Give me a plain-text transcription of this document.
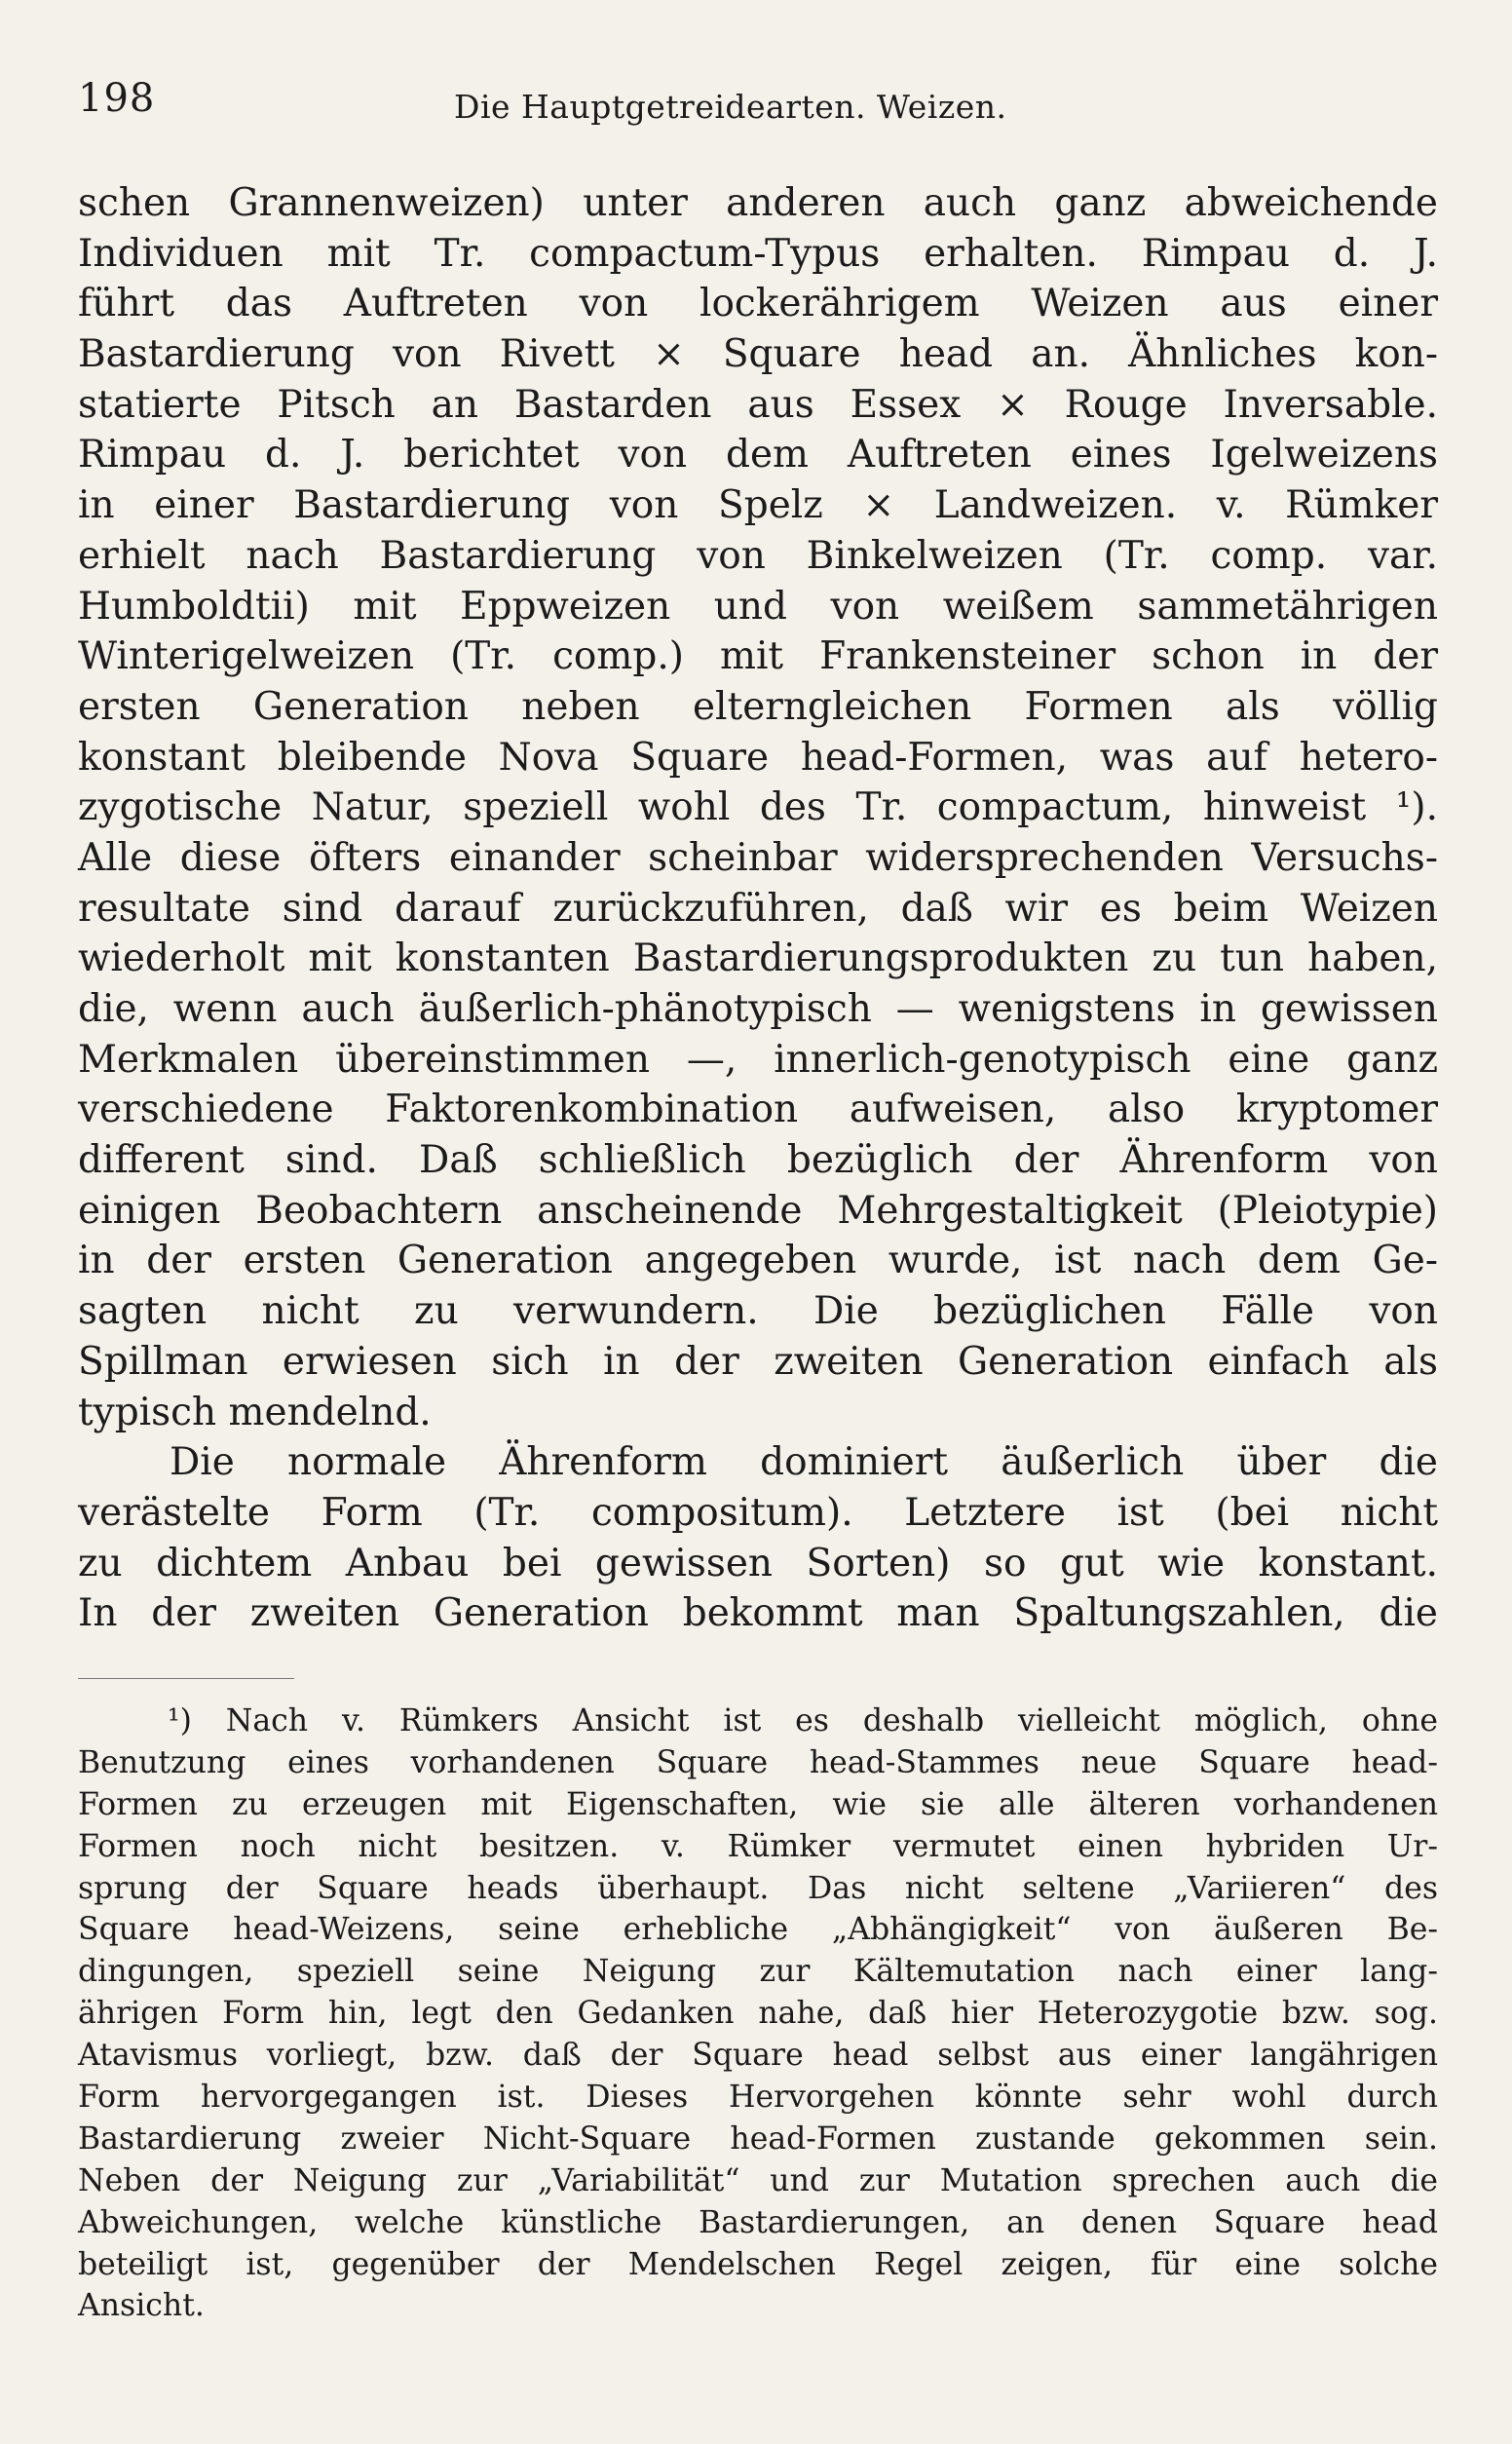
198	Die Hauptgetreidearten. Weizen.
schen Grannenweizen) unter anderen auch ganz abweichende
Individuen mit Tr. compactum-Typus erhalten. Rimpau d. J.
führt das Auftreten von lockerährigem Weizen aus einer
Bastardierung von Rivett × Square head an. Ähnliches kon-
statierte Pitsch an Bastarden aus Essex × Rouge Inversable.
Rimpau d. J. berichtet von dem Auftreten eines Igelweizens
in einer Bastardierung von Spelz × Landweizen. v. Rümker
erhielt nach Bastardierung von Binkelweizen (Tr. comp. var.
Humboldtii) mit Eppweizen und von weißem sammetährigen
Winterigelweizen (Tr. comp.) mit Frankensteiner schon in der
ersten Generation neben elterngleichen Formen als völlig
konstant bleibende Nova Square head-Formen, was auf hetero-
zygotische Natur, speziell wohl des Tr. compactum, hinweist ¹).
Alle diese öfters einander scheinbar widersprechenden Versuchs-
resultate sind darauf zurückzuführen, daß wir es beim Weizen
wiederholt mit konstanten Bastardierungsprodukten zu tun haben,
die, wenn auch äußerlich-phänotypisch — wenigstens in gewissen
Merkmalen übereinstimmen —, innerlich-genotypisch eine ganz
verschiedene Faktorenkombination aufweisen, also kryptomer
different sind. Daß schließlich bezüglich der Ährenform von
einigen Beobachtern anscheinende Mehrgestaltigkeit (Pleiotypie)
in der ersten Generation angegeben wurde, ist nach dem Ge-
sagten nicht zu verwundern. Die bezüglichen Fälle von
Spillman erwiesen sich in der zweiten Generation einfach als
typisch mendelnd.
Die normale Ährenform dominiert äußerlich über die
verästelte Form (Tr. compositum). Letztere ist (bei nicht
zu dichtem Anbau bei gewissen Sorten) so gut wie konstant.
In der zweiten Generation bekommt man Spaltungszahlen, die
¹) Nach v. Rümkers Ansicht ist es deshalb vielleicht möglich, ohne
Benutzung eines vorhandenen Square head-Stammes neue Square head-
Formen zu erzeugen mit Eigenschaften, wie sie alle älteren vorhandenen
Formen noch nicht besitzen. v. Rümker vermutet einen hybriden Ur-
sprung der Square heads überhaupt. Das nicht seltene „Variieren“ des
Square head-Weizens, seine erhebliche „Abhängigkeit“ von äußeren Be-
dingungen, speziell seine Neigung zur Kältemutation nach einer lang-
ährigen Form hin, legt den Gedanken nahe, daß hier Heterozygotie bzw. sog.
Atavismus vorliegt, bzw. daß der Square head selbst aus einer langährigen
Form hervorgegangen ist. Dieses Hervorgehen könnte sehr wohl durch
Bastardierung zweier Nicht-Square head-Formen zustande gekommen sein.
Neben der Neigung zur „Variabilität“ und zur Mutation sprechen auch die
Abweichungen, welche künstliche Bastardierungen, an denen Square head
beteiligt ist, gegenüber der Mendelschen Regel zeigen, für eine solche
Ansicht.
